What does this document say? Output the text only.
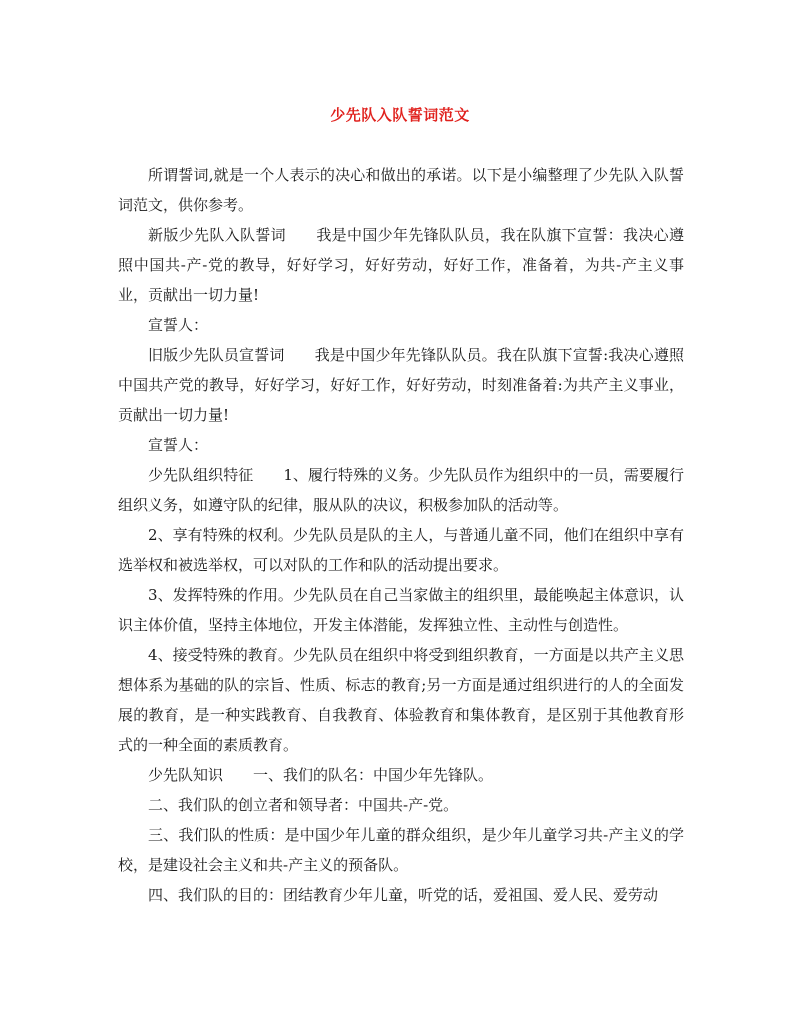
少先队入队誓词范文

所谓誓词,就是一个人表示的决心和做出的承诺。以下是小编整理了少先队入队誓词范文，供你参考。

新版少先队入队誓词 我是中国少年先锋队队员，我在队旗下宣誓：我决心遵照中国共-产-党的教导，好好学习，好好劳动，好好工作，准备着，为共-产主义事业，贡献出一切力量!

宣誓人：

旧版少先队员宣誓词 我是中国少年先锋队队员。我在队旗下宣誓:我决心遵照中国共产党的教导，好好学习，好好工作，好好劳动，时刻准备着:为共产主义事业，贡献出一切力量!

宣誓人：

少先队组织特征 1、履行特殊的义务。少先队员作为组织中的一员，需要履行组织义务，如遵守队的纪律，服从队的决议，积极参加队的活动等。

2、享有特殊的权利。少先队员是队的主人，与普通儿童不同，他们在组织中享有选举权和被选举权，可以对队的工作和队的活动提出要求。

3、发挥特殊的作用。少先队员在自己当家做主的组织里，最能唤起主体意识，认识主体价值，坚持主体地位，开发主体潜能，发挥独立性、主动性与创造性。

4、接受特殊的教育。少先队员在组织中将受到组织教育，一方面是以共产主义思想体系为基础的队的宗旨、性质、标志的教育;另一方面是通过组织进行的人的全面发展的教育，是一种实践教育、自我教育、体验教育和集体教育，是区别于其他教育形式的一种全面的素质教育。

少先队知识 一、我们的队名：中国少年先锋队。

二、我们队的创立者和领导者：中国共-产-党。

三、我们队的性质：是中国少年儿童的群众组织，是少年儿童学习共-产主义的学校，是建设社会主义和共-产主义的预备队。

四、我们队的目的：团结教育少年儿童，听党的话，爱祖国、爱人民、爱劳动
